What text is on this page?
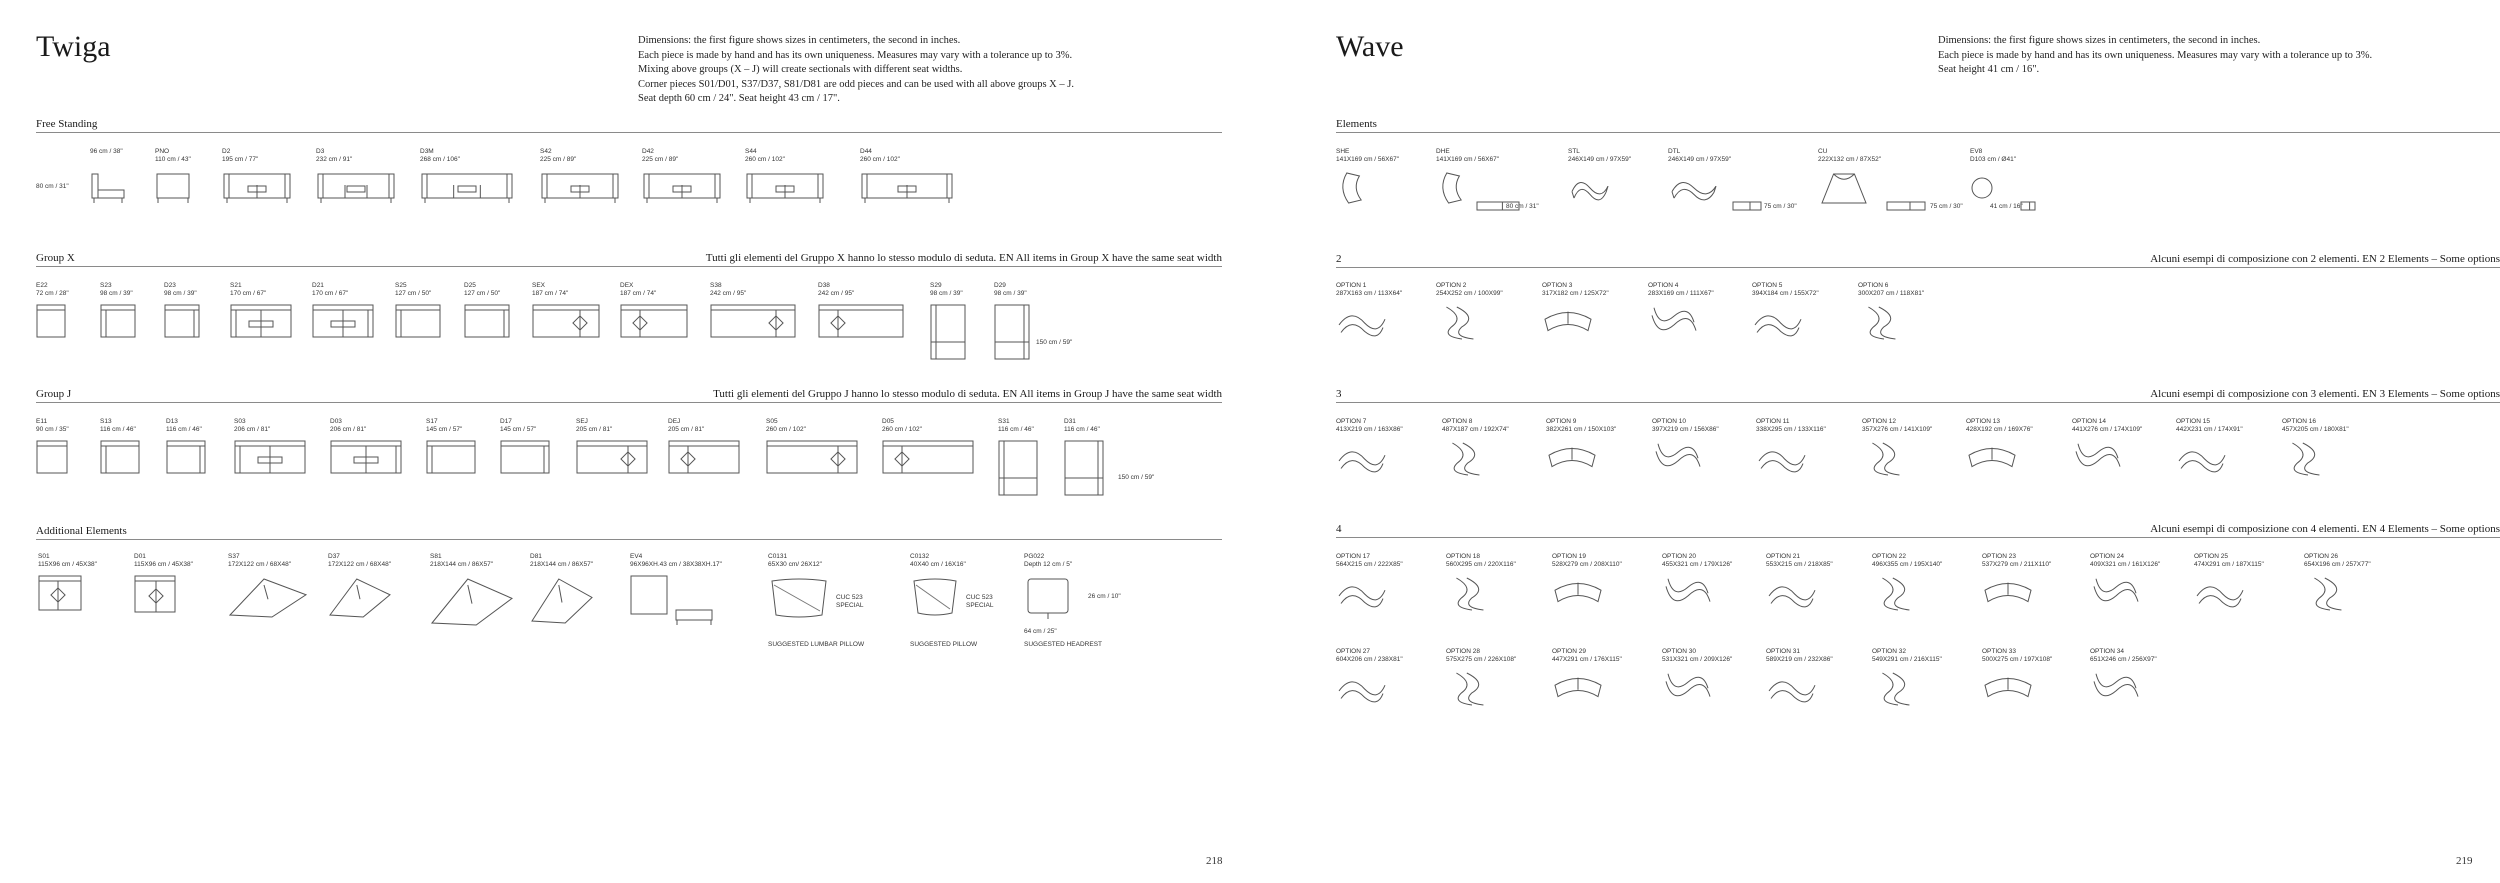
Twiga	Dimensions: the first figure shows sizes in centimeters, the second in inches.
Each piece is made by hand and has its own uniqueness. Measures may vary with a tolerance up to 3%.
Mixing above groups (X – J) will create sectionals with different seat widths.
Corner pieces S01/D01, S37/D37, S81/D81 are odd pieces and can be used with all above groups X – J.
Seat depth 60 cm / 24". Seat height 43 cm / 17".
Free Standing
80 cm / 31"
96 cm / 38"	PNO
110 cm / 43"
D2
195 cm / 77"
D3
232 cm / 91"
D3M
268 cm / 106"
S42
225 cm / 89"
D42
225 cm / 89"
S44
260 cm / 102"
D44
260 cm / 102"
Group X	Tutti gli elementi del Gruppo X hanno lo stesso modulo di seduta. EN All items in Group X have the same seat width
150 cm / 59"
E22
72 cm / 28"
S23
98 cm / 39"
D23
98 cm / 39"
S21
170 cm / 67"
D21
170 cm / 67"
S25
127 cm / 50"
D25
127 cm / 50"
SEX
187 cm / 74"
DEX
187 cm / 74"
S38
242 cm / 95"
D38
242 cm / 95"
S29
98 cm / 39"
D29
98 cm / 39"
Group J	Tutti gli elementi del Gruppo J hanno lo stesso modulo di seduta. EN All items in Group J have the same seat width
150 cm / 59"
E11
90 cm / 35"
S13
116 cm / 46"
D13
116 cm / 46"
S03
206 cm / 81"
D03
206 cm / 81"
S17
145 cm / 57"
D17
145 cm / 57"
SEJ
205 cm / 81"
DEJ
205 cm / 81"
S05
260 cm / 102"
D05
260 cm / 102"
S31
116 cm / 46"
D31
116 cm / 46"
Additional Elements
S01
115X96 cm / 45X38"
D01
115X96 cm / 45X38"
S37
172X122 cm / 68X48"
D37
172X122 cm / 68X48"
S81
218X144 cm / 86X57"
D81
218X144 cm / 86X57"
EV4
96X96XH.43 cm / 38X38XH.17"
C0131
65X30 cm/ 26X12"
C0132
40X40 cm / 16X16"
PG022
Depth 12 cm / 5"
CUC 523
SPECIAL
CUC 523
SPECIAL
26 cm / 10"
64 cm / 25"
SUGGESTED LUMBAR PILLOW	SUGGESTED PILLOW	SUGGESTED HEADREST
218
Wave	Dimensions: the first figure shows sizes in centimeters, the second in inches.
Each piece is made by hand and has its own uniqueness. Measures may vary with a tolerance up to 3%.
Seat height 41 cm / 16".
Elements
SHE
141X169 cm / 56X67"
DHE
141X169 cm / 56X67"
STL
246X149 cm / 97X59"
DTL
246X149 cm / 97X59"
CU
222X132 cm / 87X52"
EV8
D103 cm / Ø41"
80 cm / 31"	75 cm / 30"	75 cm / 30"	41 cm / 16"
2	Alcuni esempi di composizione con 2 elementi. EN 2 Elements – Some options
OPTION 1
287X163 cm / 113X64"
OPTION 2
254X252 cm / 100X99"
OPTION 3
317X182 cm / 125X72"
OPTION 4
283X169 cm / 111X67"
OPTION 5
394X184 cm / 155X72"
OPTION 6
300X207 cm / 118X81"
3	Alcuni esempi di composizione con 3 elementi. EN 3 Elements – Some options
OPTION 7
413X219 cm / 163X86"
OPTION 8
487X187 cm / 192X74"
OPTION 9
382X261 cm / 150X103"
OPTION 10
397X219 cm / 156X86"
OPTION 11
338X295 cm / 133X116"
OPTION 12
357X276 cm / 141X109"
OPTION 13
428X192 cm / 169X76"
OPTION 14
441X276 cm / 174X109"
OPTION 15
442X231 cm / 174X91"
OPTION 16
457X205 cm / 180X81"
4	Alcuni esempi di composizione con 4 elementi. EN 4 Elements – Some options
OPTION 17
564X215 cm / 222X85"
OPTION 18
560X295 cm / 220X116"
OPTION 19
528X279 cm / 208X110"
OPTION 20
455X321 cm / 179X126"
OPTION 21
553X215 cm / 218X85"
OPTION 22
496X355 cm / 195X140"
OPTION 23
537X279 cm / 211X110"
OPTION 24
409X321 cm / 161X126"
OPTION 25
474X291 cm / 187X115"
OPTION 26
654X196 cm / 257X77"
OPTION 27
604X206 cm / 238X81"
OPTION 28
575X275 cm / 226X108"
OPTION 29
447X291 cm / 176X115"
OPTION 30
531X321 cm / 209X126"
OPTION 31
589X219 cm / 232X86"
OPTION 32
549X291 cm / 216X115"
OPTION 33
500X275 cm / 197X108"
OPTION 34
651X246 cm / 256X97"
219
